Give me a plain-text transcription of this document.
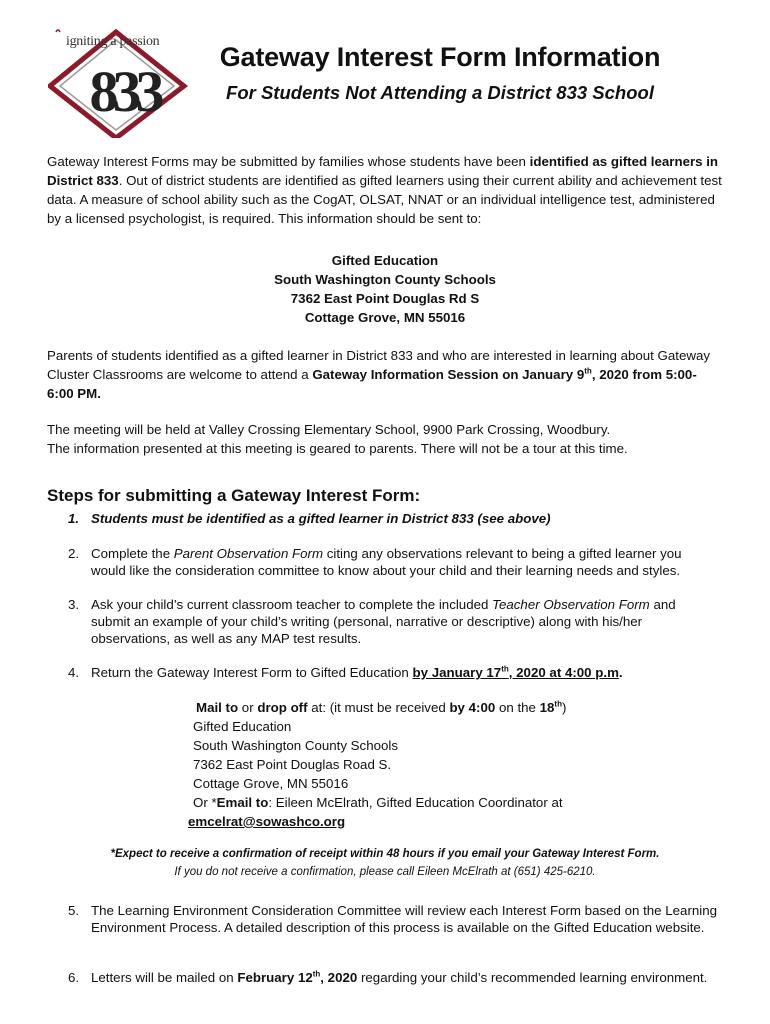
833
igniting a passion
Gateway Interest Form Information
For Students Not Attending a District 833 School
Gateway Interest Forms may be submitted by families whose students have been identified as gifted learners in District 833. Out of district students are identified as gifted learners using their current ability and achievement test data. A measure of school ability such as the CogAT, OLSAT, NNAT or an individual intelligence test, administered by a licensed psychologist, is required. This information should be sent to:
Gifted Education
South Washington County Schools
7362 East Point Douglas Rd S
Cottage Grove, MN 55016
Parents of students identified as a gifted learner in District 833 and who are interested in learning about Gateway Cluster Classrooms are welcome to attend a Gateway Information Session on January 9th, 2020 from 5:00-6:00 PM.
The meeting will be held at Valley Crossing Elementary School, 9900 Park Crossing, Woodbury.
The information presented at this meeting is geared to parents. There will not be a tour at this time.
Steps for submitting a Gateway Interest Form:
1. Students must be identified as a gifted learner in District 833 (see above)
2. Complete the Parent Observation Form citing any observations relevant to being a gifted learner you would like the consideration committee to know about your child and their learning needs and styles.
3. Ask your child’s current classroom teacher to complete the included Teacher Observation Form and submit an example of your child’s writing (personal, narrative or descriptive) along with his/her observations, as well as any MAP test results.
4. Return the Gateway Interest Form to Gifted Education by January 17th, 2020 at 4:00 p.m.
Mail to or drop off at: (it must be received by 4:00 on the 18th)
Gifted Education
South Washington County Schools
7362 East Point Douglas Road S.
Cottage Grove, MN 55016
Or *Email to: Eileen McElrath, Gifted Education Coordinator at
emcelrat@sowashco.org
*Expect to receive a confirmation of receipt within 48 hours if you email your Gateway Interest Form.
If you do not receive a confirmation, please call Eileen McElrath at (651) 425-6210.
5. The Learning Environment Consideration Committee will review each Interest Form based on the Learning Environment Process. A detailed description of this process is available on the Gifted Education website.
6. Letters will be mailed on February 12th, 2020 regarding your child’s recommended learning environment.
